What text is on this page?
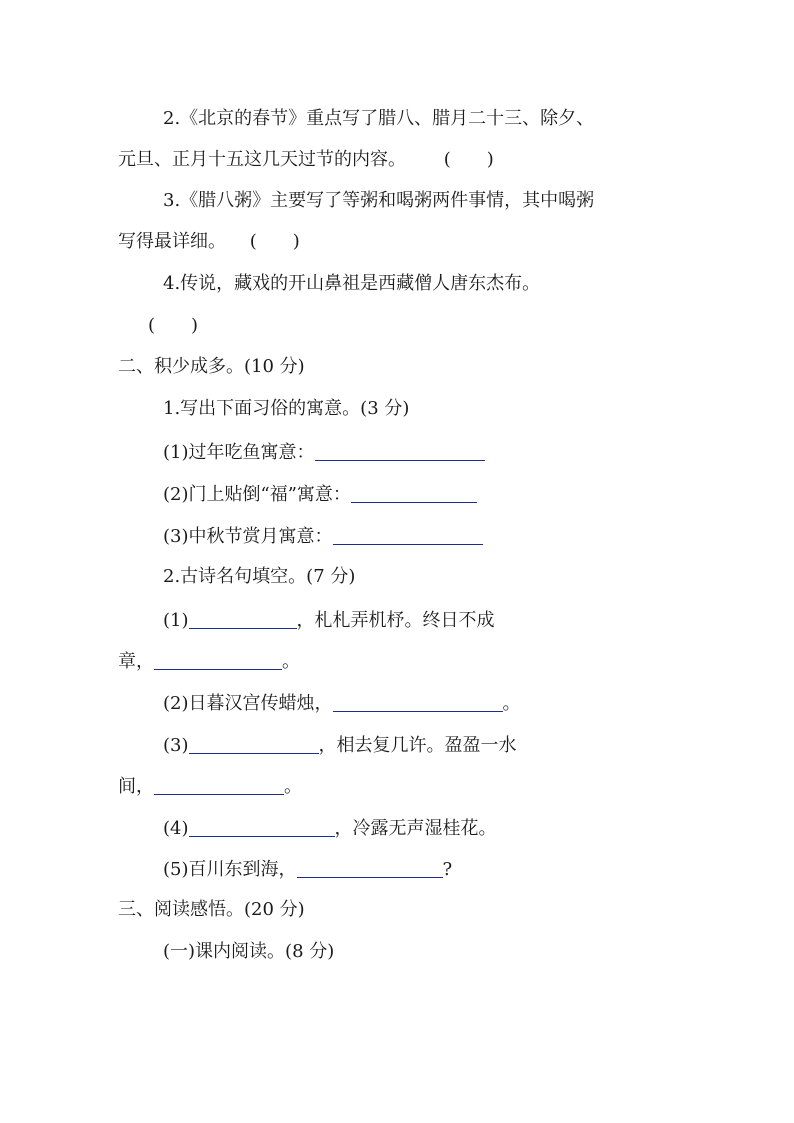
2.《北京的春节》重点写了腊八、腊月二十三、除夕、
元旦、正月十五这几天过节的内容。 (　　)
3.《腊八粥》主要写了等粥和喝粥两件事情，其中喝粥
写得最详细。 (　　)
4.传说，藏戏的开山鼻祖是西藏僧人唐东杰布。
(　　)
二、积少成多。(10 分)
1.写出下面习俗的寓意。(3 分)
(1)过年吃鱼寓意：
(2)门上贴倒“福”寓意：
(3)中秋节赏月寓意：
2.古诗名句填空。(7 分)
(1)	，札札弄机杼。终日不成
章，	。
(2)日暮汉宫传蜡烛，	。
(3)	，相去复几许。盈盈一水
间，	。
(4)	，冷露无声湿桂花。
(5)百川东到海，	?
三、阅读感悟。(20 分)
(一)课内阅读。(8 分)
